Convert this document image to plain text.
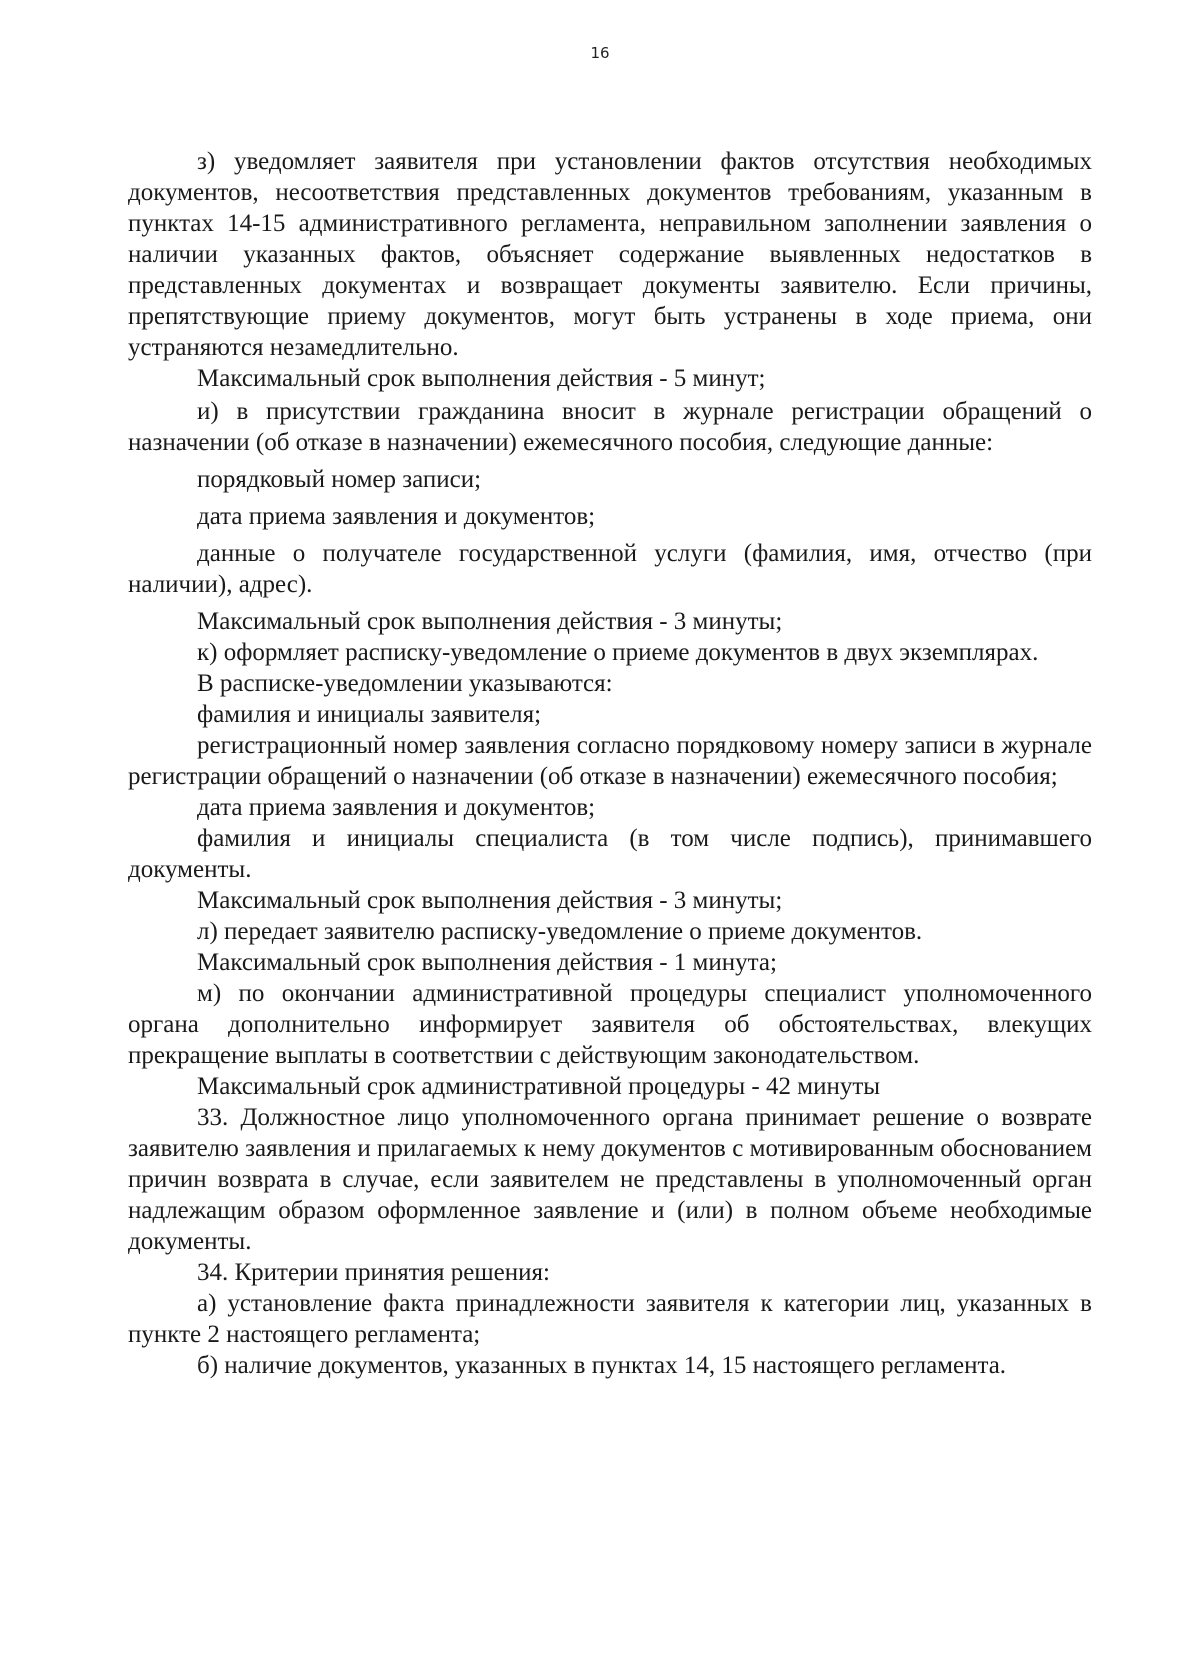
16

з) уведомляет заявителя при установлении фактов отсутствия необходимых документов, несоответствия представленных документов требованиям, указанным в пунктах 14-15 административного регламента, неправильном заполнении заявления о наличии указанных фактов, объясняет содержание выявленных недостатков в представленных документах и возвращает документы заявителю. Если причины, препятствующие приему документов, могут быть устранены в ходе приема, они устраняются незамедлительно.

Максимальный срок выполнения действия - 5 минут;

и) в присутствии гражданина вносит в журнале регистрации обращений о назначении (об отказе в назначении) ежемесячного пособия, следующие данные:

порядковый номер записи;

дата приема заявления и документов;

данные о получателе государственной услуги (фамилия, имя, отчество (при наличии), адрес).

Максимальный срок выполнения действия - 3 минуты;

к) оформляет расписку-уведомление о приеме документов в двух экземплярах.

В расписке-уведомлении указываются:

фамилия и инициалы заявителя;

регистрационный номер заявления согласно порядковому номеру записи в журнале регистрации обращений о назначении (об отказе в назначении) ежемесячного пособия;

дата приема заявления и документов;

фамилия и инициалы специалиста (в том числе подпись), принимавшего документы.

Максимальный срок выполнения действия - 3 минуты;

л) передает заявителю расписку-уведомление о приеме документов.

Максимальный срок выполнения действия - 1 минута;

м) по окончании административной процедуры специалист уполномоченного органа дополнительно информирует заявителя об обстоятельствах, влекущих прекращение выплаты в соответствии с действующим законодательством.

Максимальный срок административной процедуры - 42 минуты

33. Должностное лицо уполномоченного органа принимает решение о возврате заявителю заявления и прилагаемых к нему документов с мотивированным обоснованием причин возврата в случае, если заявителем не представлены в уполномоченный орган надлежащим образом оформленное заявление и (или) в полном объеме необходимые документы.

34. Критерии принятия решения:

а) установление факта принадлежности заявителя к категории лиц, указанных в пункте 2 настоящего регламента;

б) наличие документов, указанных в пунктах 14, 15 настоящего регламента.
